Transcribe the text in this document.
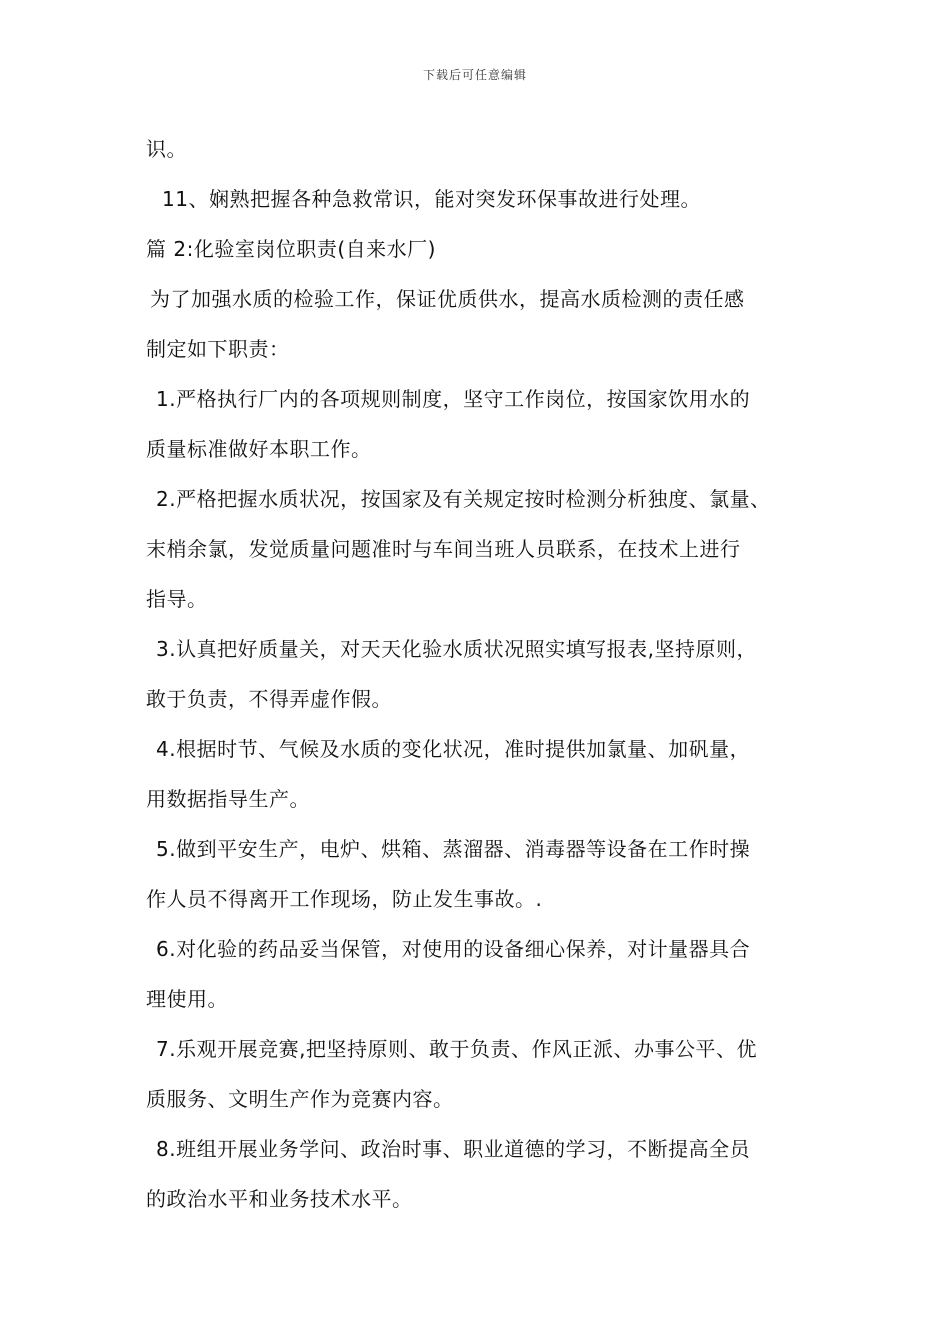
下载后可任意编辑
识。
11、娴熟把握各种急救常识，能对突发环保事故进行处理。
篇 2:化验室岗位职责(自来水厂)
为了加强水质的检验工作，保证优质供水，提高水质检测的责任感
制定如下职责：
1.严格执行厂内的各项规则制度，坚守工作岗位，按国家饮用水的
质量标准做好本职工作。
2.严格把握水质状况，按国家及有关规定按时检测分析独度、氯量、
末梢余氯，发觉质量问题准时与车间当班人员联系，在技术上进行
指导。
3.认真把好质量关，对天天化验水质状况照实填写报表,坚持原则，
敢于负责，不得弄虚作假。
4.根据时节、气候及水质的变化状况，准时提供加氯量、加矾量，
用数据指导生产。
5.做到平安生产，电炉、烘箱、蒸溜器、消毒器等设备在工作时操
作人员不得离开工作现场，防止发生事故。.
6.对化验的药品妥当保管，对使用的设备细心保养，对计量器具合
理使用。
7.乐观开展竞赛,把坚持原则、敢于负责、作风正派、办事公平、优
质服务、文明生产作为竞赛内容。
8.班组开展业务学问、政治时事、职业道德的学习，不断提高全员
的政治水平和业务技术水平。
